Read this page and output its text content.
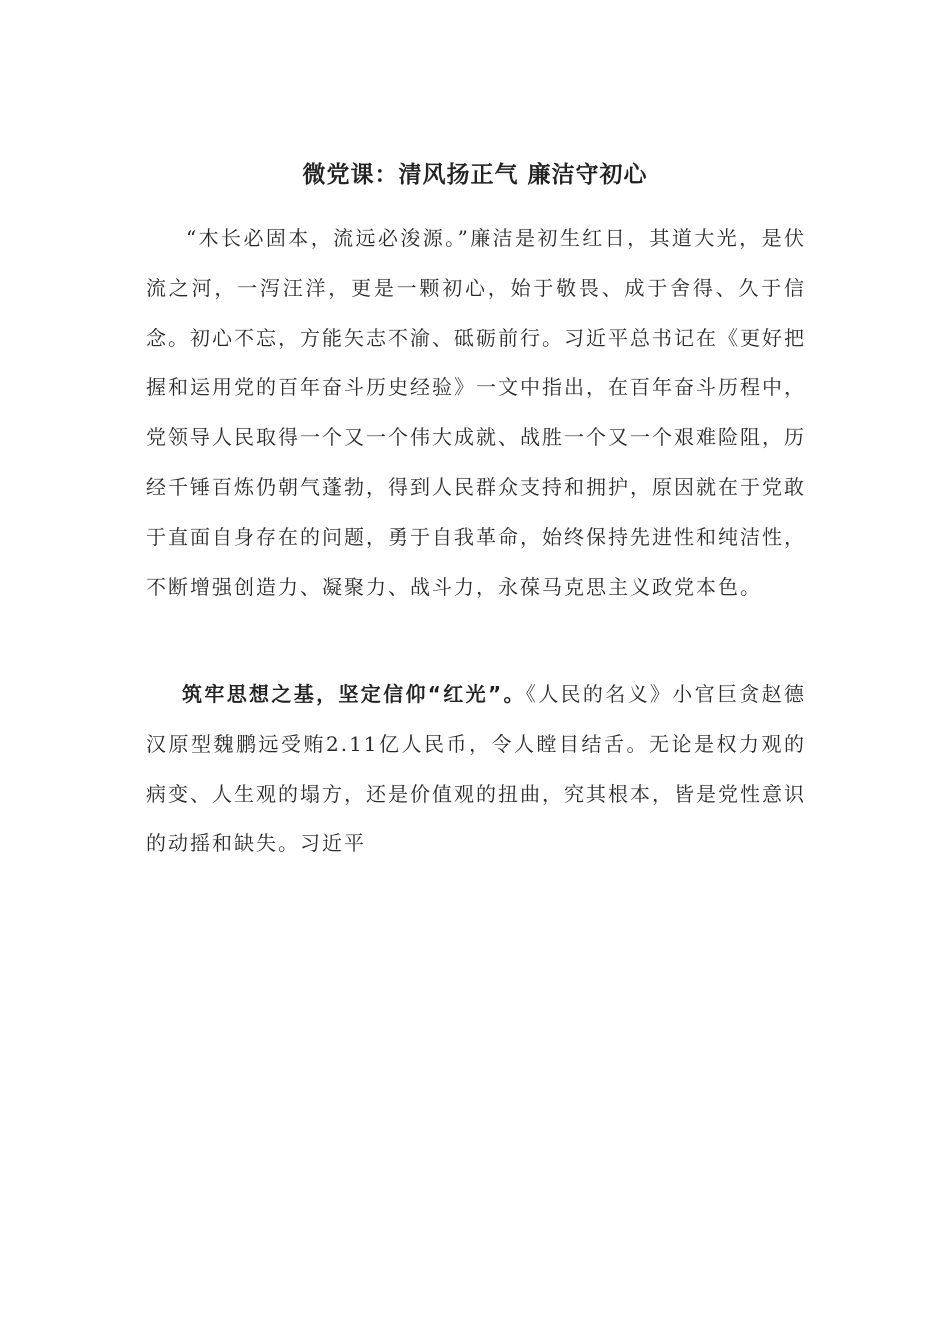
微党课：清风扬正气 廉洁守初心

“木长必固本，流远必浚源。”廉洁是初生红日，其道大光，是伏流之河，一泻汪洋，更是一颗初心，始于敬畏、成于舍得、久于信念。初心不忘，方能矢志不渝、砥砺前行。习近平总书记在《更好把握和运用党的百年奋斗历史经验》一文中指出，在百年奋斗历程中，党领导人民取得一个又一个伟大成就、战胜一个又一个艰难险阻，历经千锤百炼仍朝气蓬勃，得到人民群众支持和拥护，原因就在于党敢于直面自身存在的问题，勇于自我革命，始终保持先进性和纯洁性，不断增强创造力、凝聚力、战斗力，永葆马克思主义政党本色。

筑牢思想之基，坚定信仰“红光”。《人民的名义》小官巨贪赵德汉原型魏鹏远受贿2.11亿人民币，令人瞠目结舌。无论是权力观的病变、人生观的塌方，还是价值观的扭曲，究其根本，皆是党性意识的动摇和缺失。习近平
